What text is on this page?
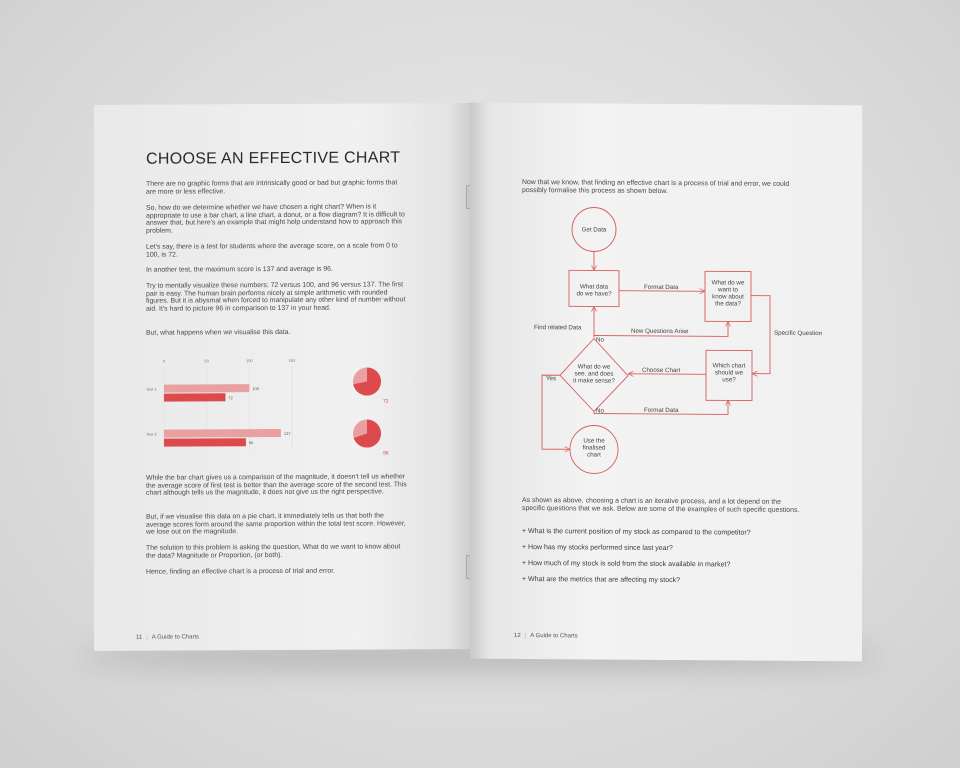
CHOOSE AN EFFECTIVE CHART

There are no graphic forms that are intrinsically good or bad but graphic forms that are more or less effective.

So, how do we determine whether we have chosen a right chart? When is it appropriate to use a bar chart, a line chart, a donut, or a flow diagram? It is difficult to answer that, but here's an example that might help understand how to approach this problem.

Let's say, there is a test for students where the average score, on a scale from 0 to 100, is 72.

In another test, the maximum score is 137 and average is 96.

Try to mentally visualize these numbers: 72 versus 100, and 96 versus 137. The first pair is easy. The human brain performs nicely at simple arithmetic with rounded figures. But it is abysmal when forced to manipulate any other kind of number without aid. It's hard to picture 96 in comparison to 137 in your head.

But, what happens when we visualise this data.

0	50	100	150
Test 1	100
72
Test 2	137
96
72
96

While the bar chart gives us a comparison of the magnitude, it doesn't tell us whether the average score of first test is better than the average score of the second test. This chart although tells us the magnitude, it does not give us the right perspective.

But, if we visualise this data on a pie chart, it immediately tells us that both the average scores form around the same proportion within the total test score. However, we lose out on the magnitude.

The solution to this problem is asking the question, What do we want to know about the data? Magnitude or Proportion, (or both).

Hence, finding an effective chart is a process of trial and error.

11 | A Guide to Charts

Now that we know, that finding an effective chart is a process of trial and error, we could possibly formalise this process as shown below.

Get Data
What data
do we have?
What do we
want to
know about
the data?
Which chart
should we
use?
What do we
see, and does
it make sense?
Use the
finalised
chart
Format Data
Find related Data
New Questions Arise	Specific Question
Choose Chart
Format Data
No
No
Yes

As shown as above, choosing a chart is an iterative process, and a lot depend on the specific questions that we ask. Below are some of the examples of such specific questions.

+ What is the current position of my stock as compared to the competitor?
+ How has my stocks performed since last year?
+ How much of my stock is sold from the stock available in market?
+ What are the metrics that are affecting my stock?
12 | A Guide to Charts
